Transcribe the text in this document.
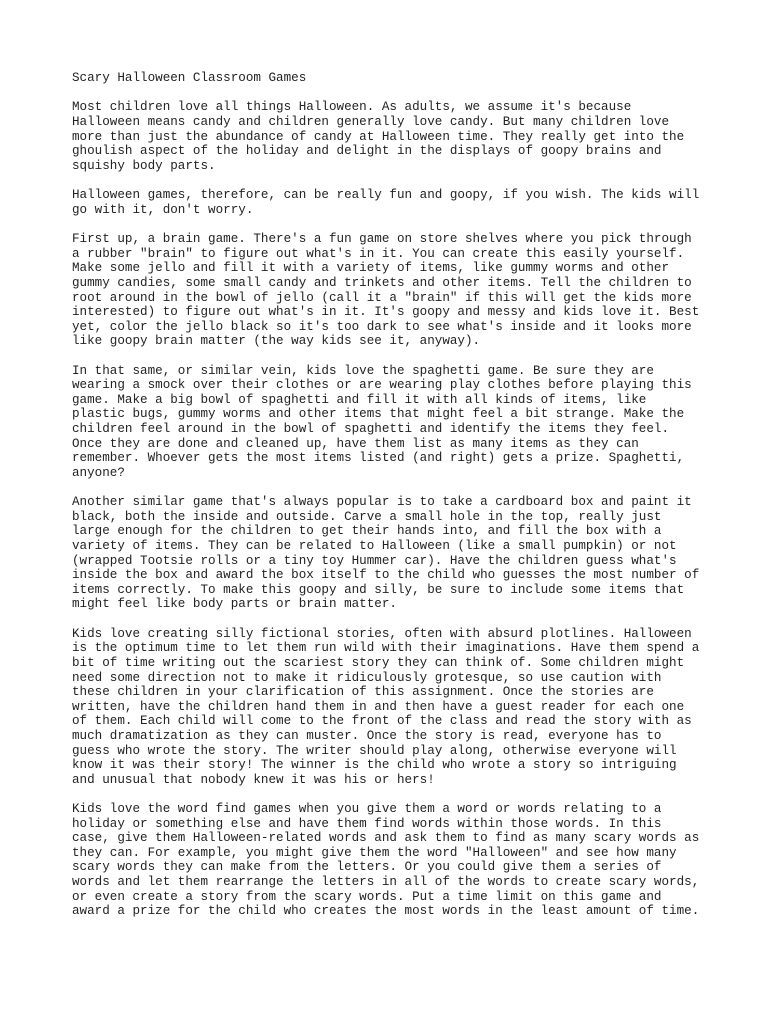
Scary Halloween Classroom Games
Most children love all things Halloween. As adults, we assume it's because
Halloween means candy and children generally love candy. But many children love
more than just the abundance of candy at Halloween time. They really get into the
ghoulish aspect of the holiday and delight in the displays of goopy brains and
squishy body parts.
Halloween games, therefore, can be really fun and goopy, if you wish. The kids will
go with it, don't worry.
First up, a brain game. There's a fun game on store shelves where you pick through
a rubber "brain" to figure out what's in it. You can create this easily yourself.
Make some jello and fill it with a variety of items, like gummy worms and other
gummy candies, some small candy and trinkets and other items. Tell the children to
root around in the bowl of jello (call it a "brain" if this will get the kids more
interested) to figure out what's in it. It's goopy and messy and kids love it. Best
yet, color the jello black so it's too dark to see what's inside and it looks more
like goopy brain matter (the way kids see it, anyway).
In that same, or similar vein, kids love the spaghetti game. Be sure they are
wearing a smock over their clothes or are wearing play clothes before playing this
game. Make a big bowl of spaghetti and fill it with all kinds of items, like
plastic bugs, gummy worms and other items that might feel a bit strange. Make the
children feel around in the bowl of spaghetti and identify the items they feel.
Once they are done and cleaned up, have them list as many items as they can
remember. Whoever gets the most items listed (and right) gets a prize. Spaghetti,
anyone?
Another similar game that's always popular is to take a cardboard box and paint it
black, both the inside and outside. Carve a small hole in the top, really just
large enough for the children to get their hands into, and fill the box with a
variety of items. They can be related to Halloween (like a small pumpkin) or not
(wrapped Tootsie rolls or a tiny toy Hummer car). Have the children guess what's
inside the box and award the box itself to the child who guesses the most number of
items correctly. To make this goopy and silly, be sure to include some items that
might feel like body parts or brain matter.
Kids love creating silly fictional stories, often with absurd plotlines. Halloween
is the optimum time to let them run wild with their imaginations. Have them spend a
bit of time writing out the scariest story they can think of. Some children might
need some direction not to make it ridiculously grotesque, so use caution with
these children in your clarification of this assignment. Once the stories are
written, have the children hand them in and then have a guest reader for each one
of them. Each child will come to the front of the class and read the story with as
much dramatization as they can muster. Once the story is read, everyone has to
guess who wrote the story. The writer should play along, otherwise everyone will
know it was their story! The winner is the child who wrote a story so intriguing
and unusual that nobody knew it was his or hers!
Kids love the word find games when you give them a word or words relating to a
holiday or something else and have them find words within those words. In this
case, give them Halloween-related words and ask them to find as many scary words as
they can. For example, you might give them the word "Halloween" and see how many
scary words they can make from the letters. Or you could give them a series of
words and let them rearrange the letters in all of the words to create scary words,
or even create a story from the scary words. Put a time limit on this game and
award a prize for the child who creates the most words in the least amount of time.
